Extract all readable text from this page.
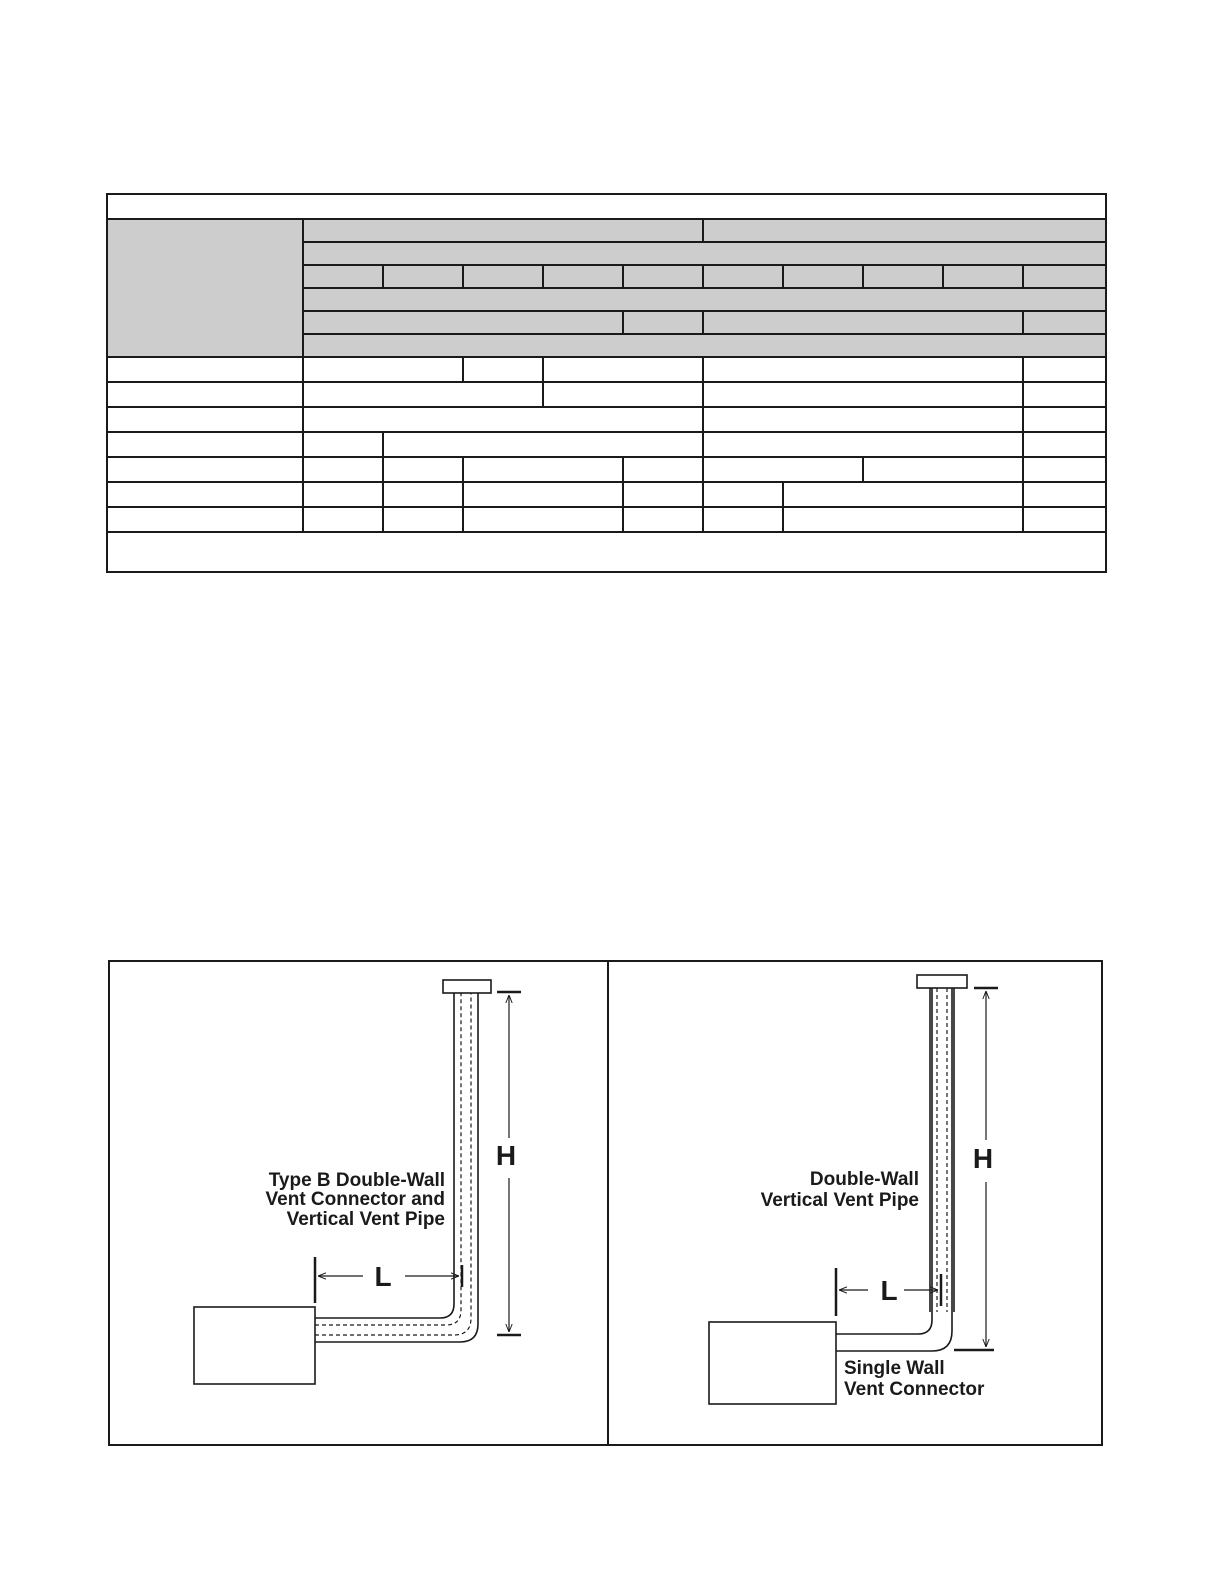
H
L
Type B Double-Wall
Vent Connector and
Vertical Vent Pipe
H
L
Double-Wall
Vertical Vent Pipe
Single Wall
Vent Connector
